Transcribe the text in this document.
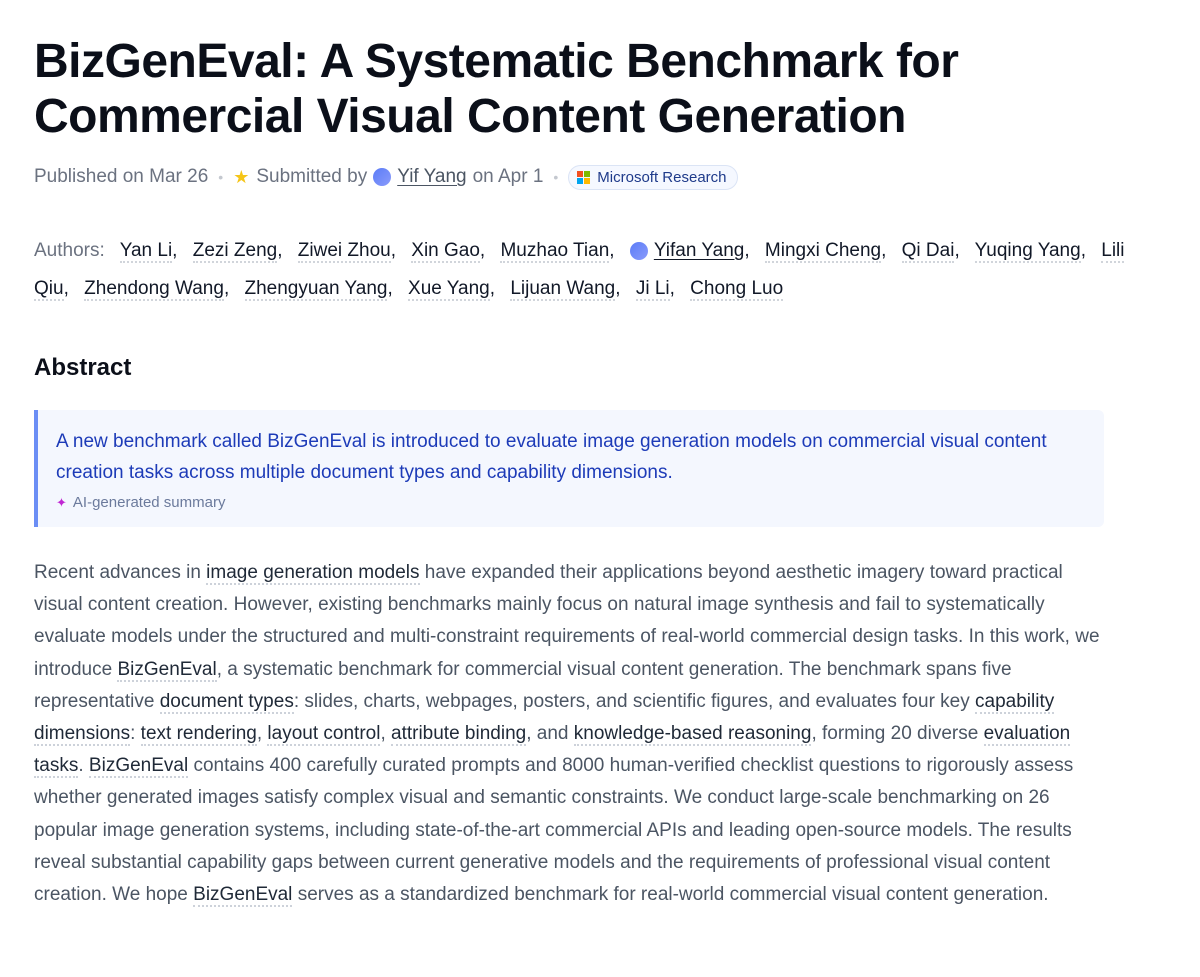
BizGenEval: A Systematic Benchmark for Commercial Visual Content Generation
Published on Mar 26 • ★ Submitted by Yif Yang on Apr 1 •	Microsoft Research
Authors: Yan Li, Zezi Zeng, Ziwei Zhou, Xin Gao, Muzhao Tian, Yifan Yang, Mingxi Cheng, Qi Dai, Yuqing Yang, Lili Qiu, Zhendong Wang, Zhengyuan Yang, Xue Yang, Lijuan Wang, Ji Li, Chong Luo
Abstract
A new benchmark called BizGenEval is introduced to evaluate image generation models on commercial visual content creation tasks across multiple document types and capability dimensions.
✦ AI-generated summary
Recent advances in image generation models have expanded their applications beyond aesthetic imagery toward practical visual content creation. However, existing benchmarks mainly focus on natural image synthesis and fail to systematically evaluate models under the structured and multi-constraint requirements of real-world commercial design tasks. In this work, we introduce BizGenEval, a systematic benchmark for commercial visual content generation. The benchmark spans five representative document types: slides, charts, webpages, posters, and scientific figures, and evaluates four key capability dimensions: text rendering, layout control, attribute binding, and knowledge-based reasoning, forming 20 diverse evaluation tasks. BizGenEval contains 400 carefully curated prompts and 8000 human-verified checklist questions to rigorously assess whether generated images satisfy complex visual and semantic constraints. We conduct large-scale benchmarking on 26 popular image generation systems, including state-of-the-art commercial APIs and leading open-source models. The results reveal substantial capability gaps between current generative models and the requirements of professional visual content creation. We hope BizGenEval serves as a standardized benchmark for real-world commercial visual content generation.
